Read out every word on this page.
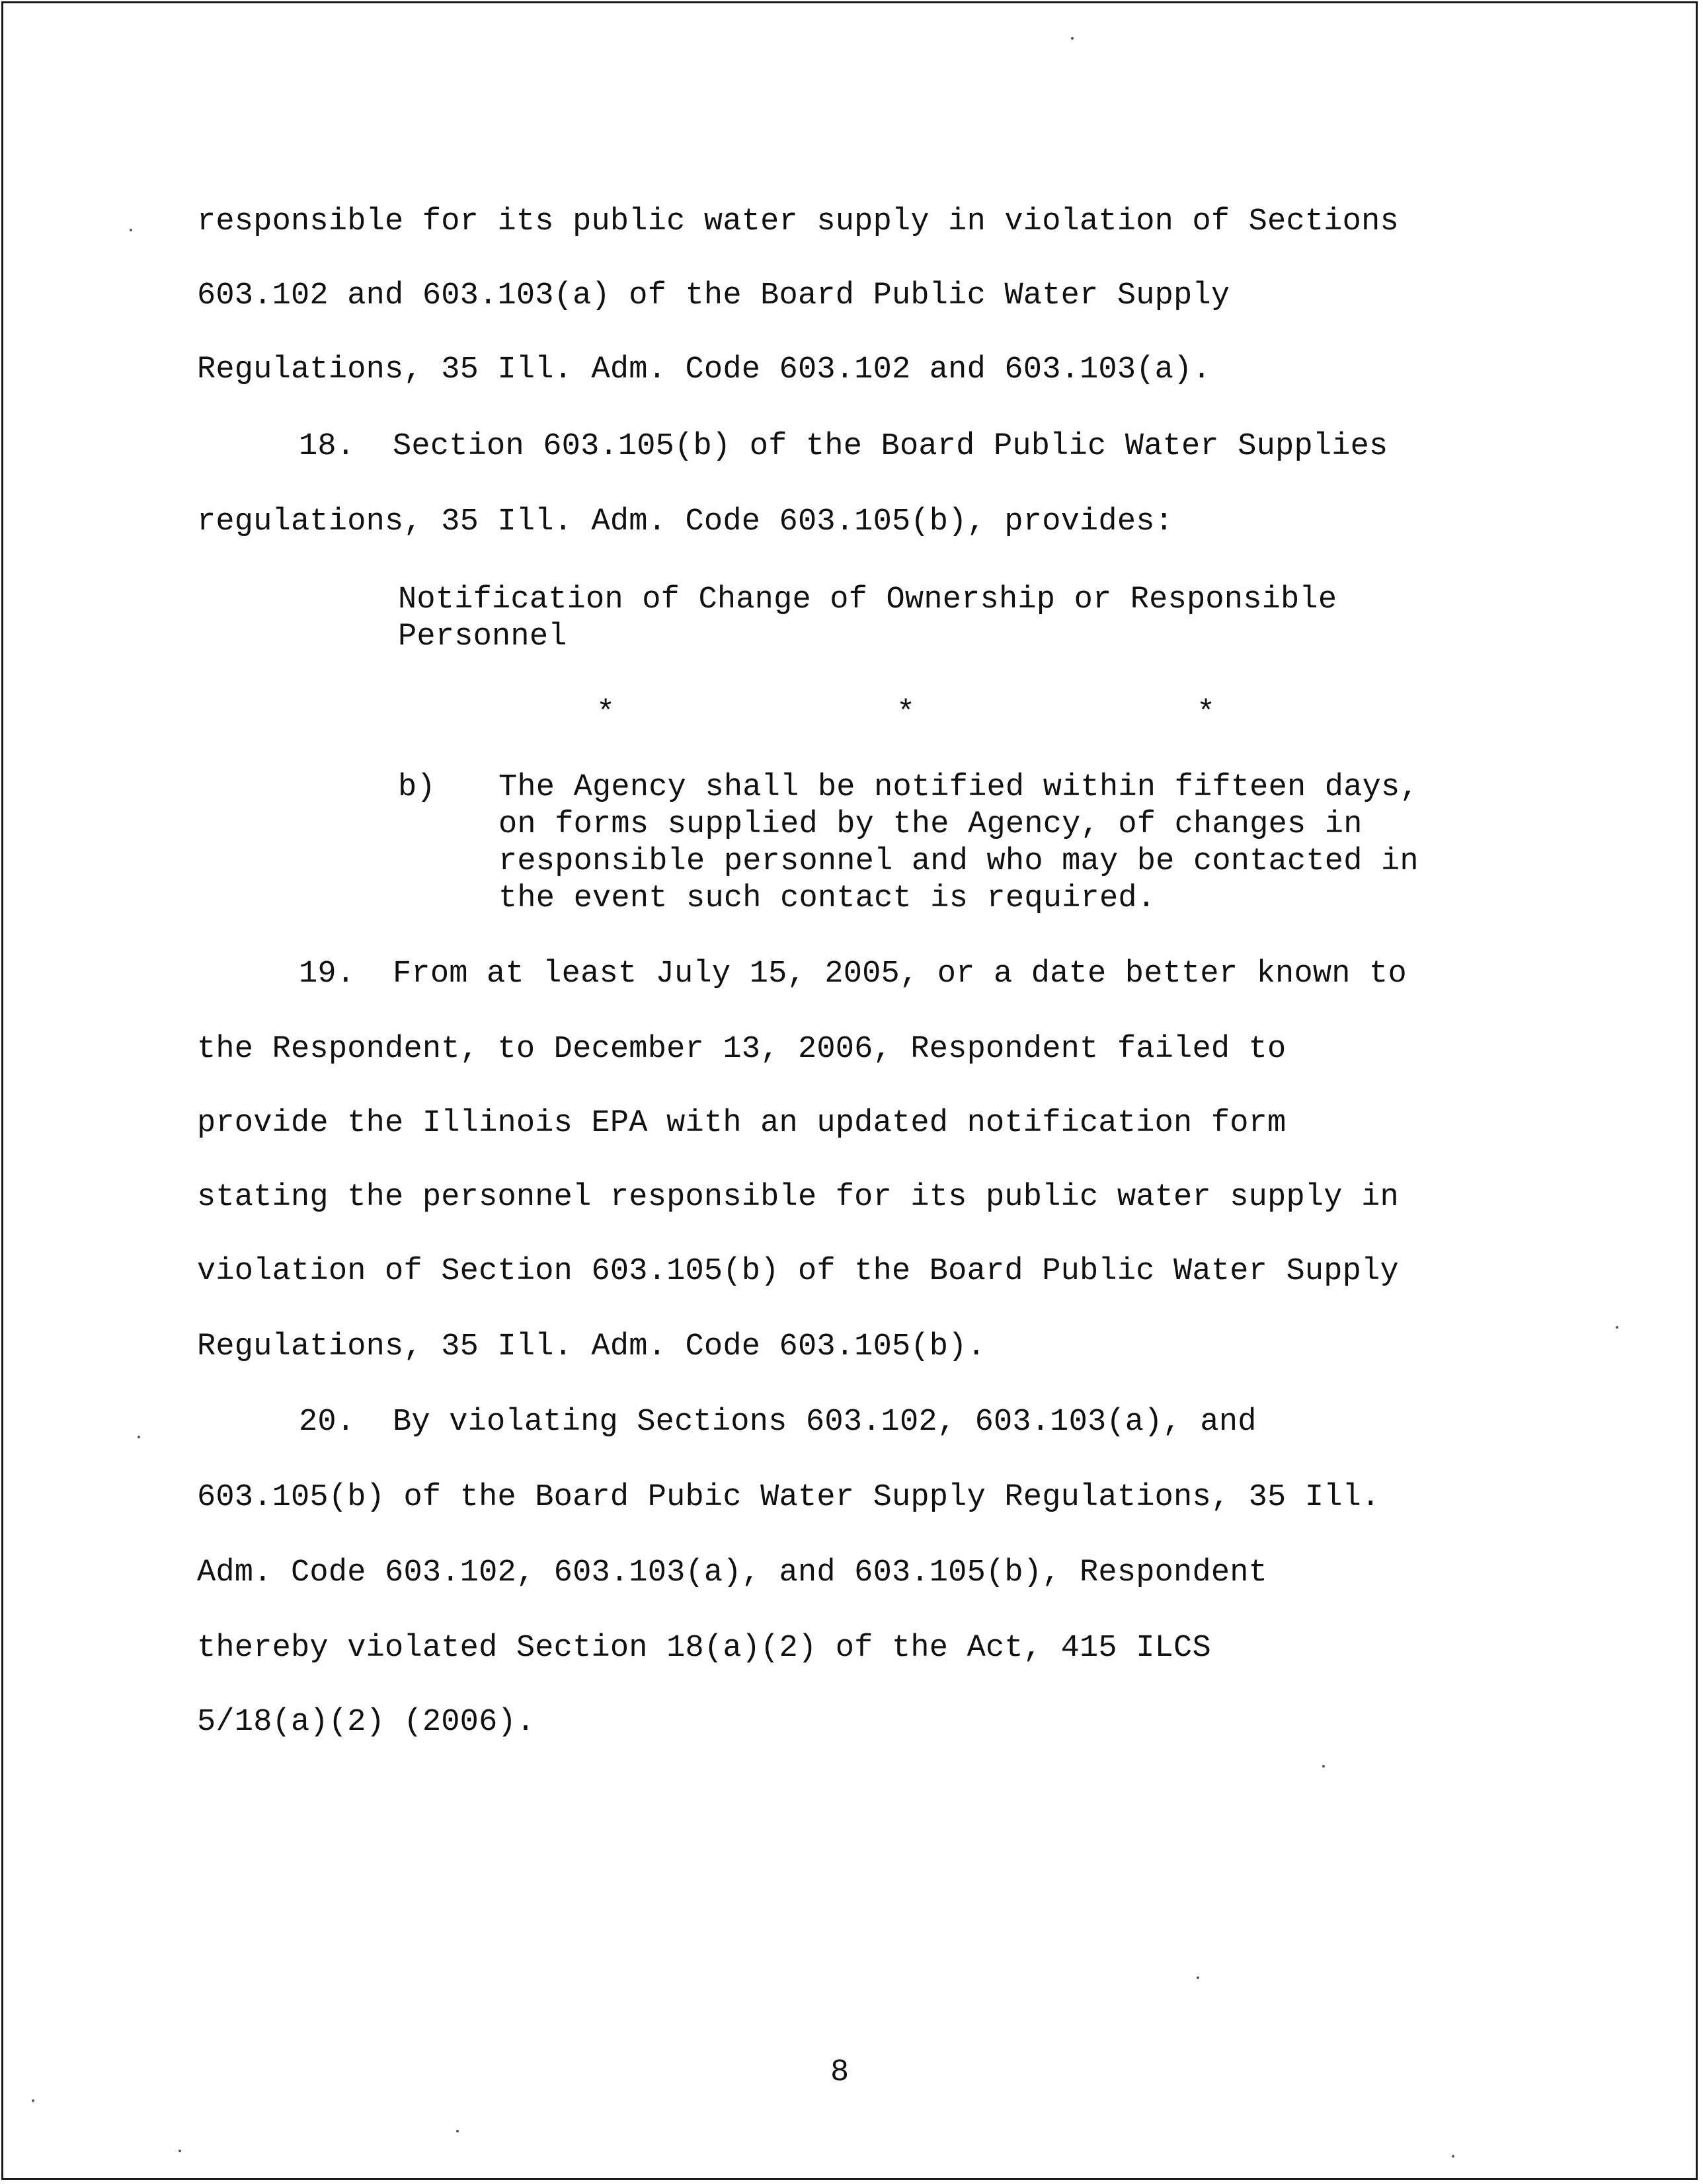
responsible for its public water supply in violation of Sections
603.102 and 603.103(a) of the Board Public Water Supply
Regulations, 35 Ill. Adm. Code 603.102 and 603.103(a).
18.  Section 603.105(b) of the Board Public Water Supplies
regulations, 35 Ill. Adm. Code 603.105(b), provides:
Notification of Change of Ownership or Responsible
Personnel
*	*	*
b) The Agency shall be notified within fifteen days,
on forms supplied by the Agency, of changes in
responsible personnel and who may be contacted in
the event such contact is required.
19.  From at least July 15, 2005, or a date better known to
the Respondent, to December 13, 2006, Respondent failed to
provide the Illinois EPA with an updated notification form
stating the personnel responsible for its public water supply in
violation of Section 603.105(b) of the Board Public Water Supply
Regulations, 35 Ill. Adm. Code 603.105(b).
20.  By violating Sections 603.102, 603.103(a), and
603.105(b) of the Board Pubic Water Supply Regulations, 35 Ill.
Adm. Code 603.102, 603.103(a), and 603.105(b), Respondent
thereby violated Section 18(a)(2) of the Act, 415 ILCS
5/18(a)(2) (2006).
8
